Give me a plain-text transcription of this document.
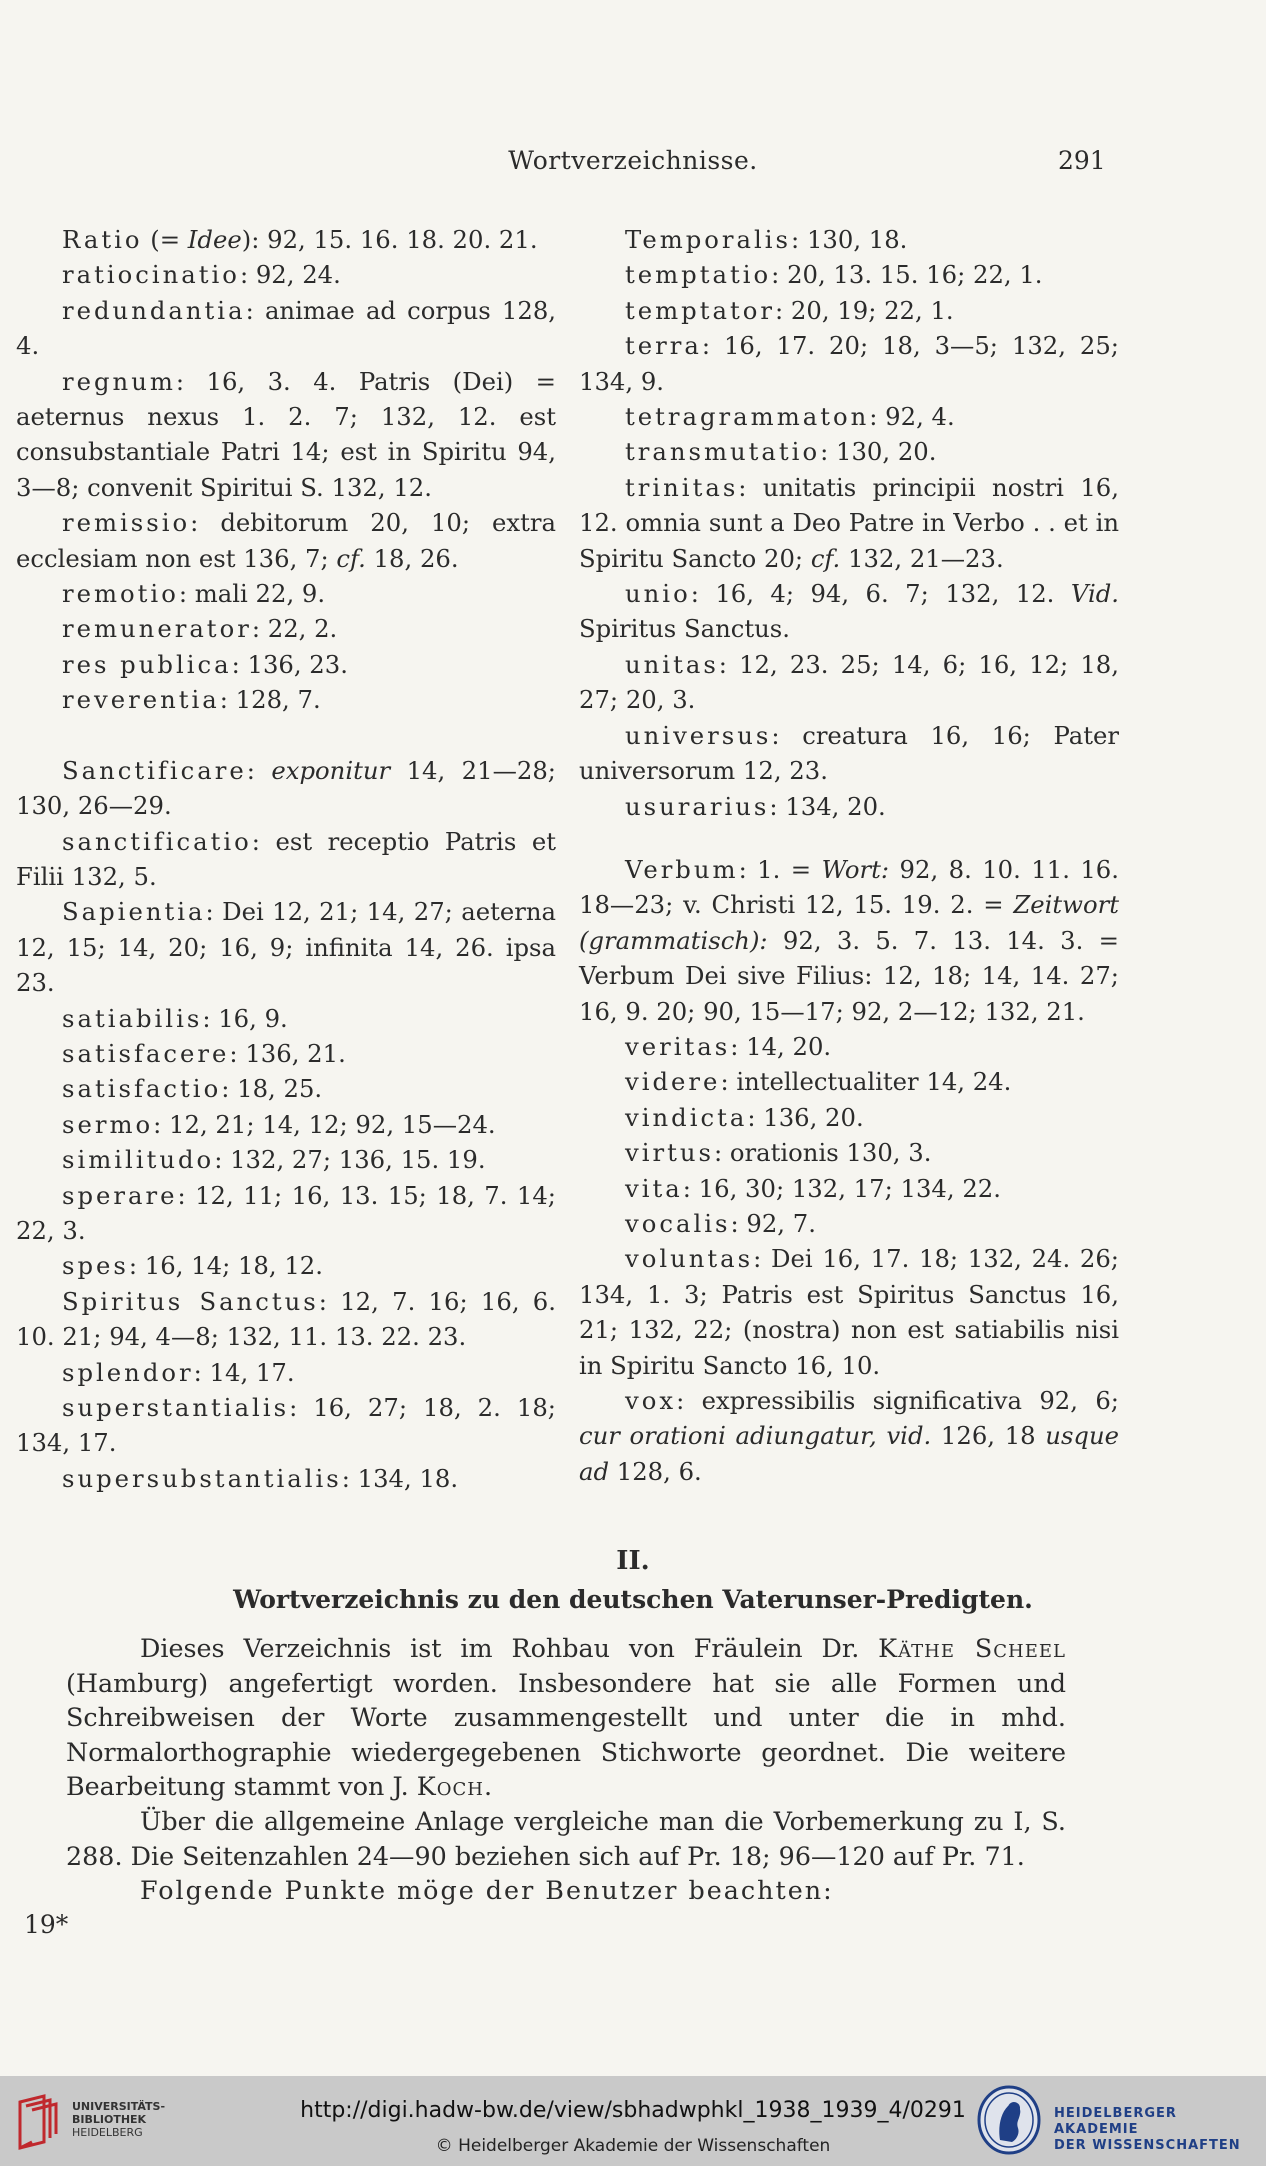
Wortverzeichnisse.	291

Ratio (= Idee): 92, 15. 16. 18. 20. 21.

ratiocinatio: 92, 24.

redundantia: animae ad corpus 128, 4.

regnum: 16, 3. 4. Patris (Dei) = aeternus nexus 1. 2. 7; 132, 12. est consubstantiale Patri 14; est in Spiritu 94, 3—8; convenit Spiritui S. 132, 12.

remissio: debitorum 20, 10; extra ecclesiam non est 136, 7; cf. 18, 26.

remotio: mali 22, 9.

remunerator: 22, 2.

res publica: 136, 23.

reverentia: 128, 7.

Sanctificare: exponitur 14, 21—28; 130, 26—29.

sanctificatio: est receptio Patris et Filii 132, 5.

Sapientia: Dei 12, 21; 14, 27; aeterna 12, 15; 14, 20; 16, 9; infinita 14, 26. ipsa 23.

satiabilis: 16, 9.

satisfacere: 136, 21.

satisfactio: 18, 25.

sermo: 12, 21; 14, 12; 92, 15—24.

similitudo: 132, 27; 136, 15. 19.

sperare: 12, 11; 16, 13. 15; 18, 7. 14; 22, 3.

spes: 16, 14; 18, 12.

Spiritus Sanctus: 12, 7. 16; 16, 6. 10. 21; 94, 4—8; 132, 11. 13. 22. 23.

splendor: 14, 17.

superstantialis: 16, 27; 18, 2. 18; 134, 17.

supersubstantialis: 134, 18.

Temporalis: 130, 18.

temptatio: 20, 13. 15. 16; 22, 1.

temptator: 20, 19; 22, 1.

terra: 16, 17. 20; 18, 3—5; 132, 25; 134, 9.

tetragrammaton: 92, 4.

transmutatio: 130, 20.

trinitas: unitatis principii nostri 16, 12. omnia sunt a Deo Patre in Verbo . . et in Spiritu Sancto 20; cf. 132, 21—23.

unio: 16, 4; 94, 6. 7; 132, 12. Vid. Spiritus Sanctus.

unitas: 12, 23. 25; 14, 6; 16, 12; 18, 27; 20, 3.

universus: creatura 16, 16; Pater universorum 12, 23.

usurarius: 134, 20.

Verbum: 1. = Wort: 92, 8. 10. 11. 16. 18—23; v. Christi 12, 15. 19. 2. = Zeitwort (grammatisch): 92, 3. 5. 7. 13. 14. 3. = Verbum Dei sive Filius: 12, 18; 14, 14. 27; 16, 9. 20; 90, 15—17; 92, 2—12; 132, 21.

veritas: 14, 20.

videre: intellectualiter 14, 24.

vindicta: 136, 20.

virtus: orationis 130, 3.

vita: 16, 30; 132, 17; 134, 22.

vocalis: 92, 7.

voluntas: Dei 16, 17. 18; 132, 24. 26; 134, 1. 3; Patris est Spiritus Sanctus 16, 21; 132, 22; (nostra) non est satiabilis nisi in Spiritu Sancto 16, 10.

vox: expressibilis significativa 92, 6; cur orationi adiungatur, vid. 126, 18 usque ad 128, 6.

II.
Wortverzeichnis zu den deutschen Vaterunser-Predigten.

Dieses Verzeichnis ist im Rohbau von Fräulein Dr. Käthe Scheel (Hamburg) angefertigt worden. Insbesondere hat sie alle Formen und Schreibweisen der Worte zusammengestellt und unter die in mhd. Normalorthographie wiedergegebenen Stichworte geordnet. Die weitere Bearbeitung stammt von J. Koch.

Über die allgemeine Anlage vergleiche man die Vorbemerkung zu I, S. 288. Die Seitenzahlen 24—90 beziehen sich auf Pr. 18; 96—120 auf Pr. 71.

Folgende Punkte möge der Benutzer beachten:

19*
UNIVERSITÄTS-
BIBLIOTHEK
HEIDELBERG
http://digi.hadw-bw.de/view/sbhadwphkl_1938_1939_4/0291
© Heidelberger Akademie der Wissenschaften
HEIDELBERGER AKADEMIE
DER WISSENSCHAFTEN
